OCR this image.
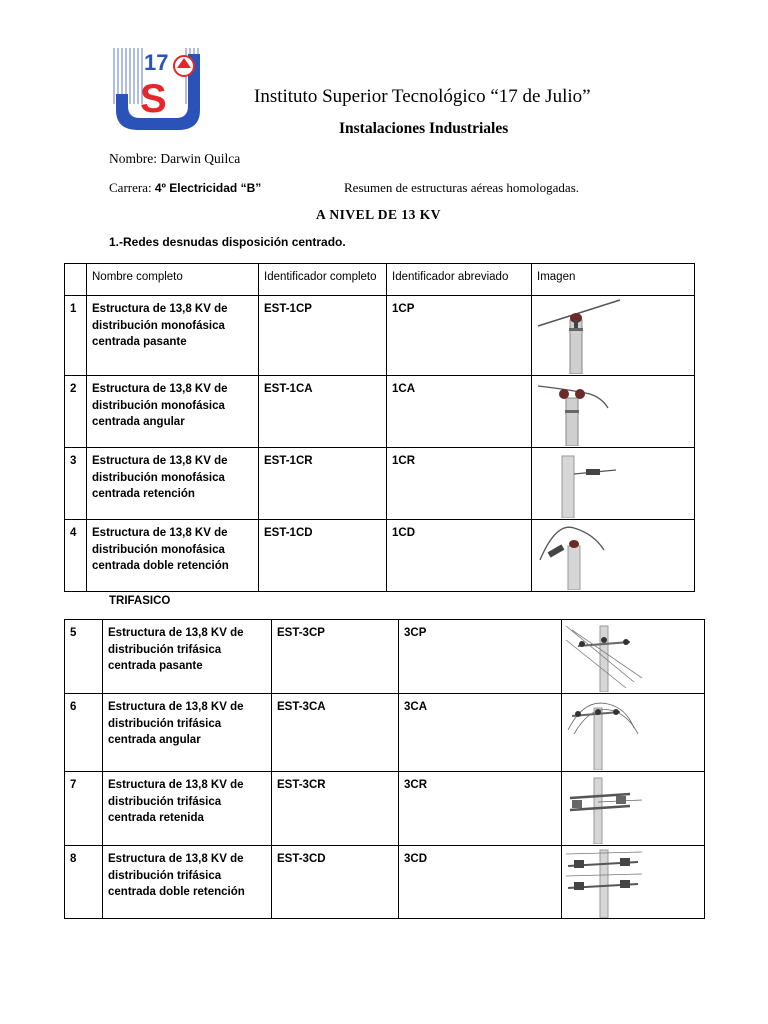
17
S	Instituto Superior Tecnológico “17 de Julio”
Instalaciones Industriales
Nombre: Darwin Quilca
Carrera: 4º Electricidad “B”	Resumen de estructuras aéreas homologadas.
A NIVEL DE 13 KV
1.-Redes desnudas disposición centrado.
	Nombre completo	Identificador completo	Identificador abreviado	Imagen
1	Estructura de 13,8 KV de distribución monofásica centrada pasante	EST-1CP	1CP	

2	Estructura de 13,8 KV de distribución monofásica centrada angular	EST-1CA	1CA	

3	Estructura de 13,8 KV de distribución monofásica centrada retención	EST-1CR	1CR	

4	Estructura de 13,8 KV de distribución monofásica centrada doble retención	EST-1CD	1CD	
TRIFASICO
5	Estructura de 13,8 KV de distribución trifásica centrada pasante	EST-3CP	3CP	

6	Estructura de 13,8 KV de distribución trifásica centrada angular	EST-3CA	3CA	

7	Estructura de 13,8 KV de distribución trifásica centrada retenida	EST-3CR	3CR	

8	Estructura de 13,8 KV de distribución trifásica centrada doble retención	EST-3CD	3CD	
